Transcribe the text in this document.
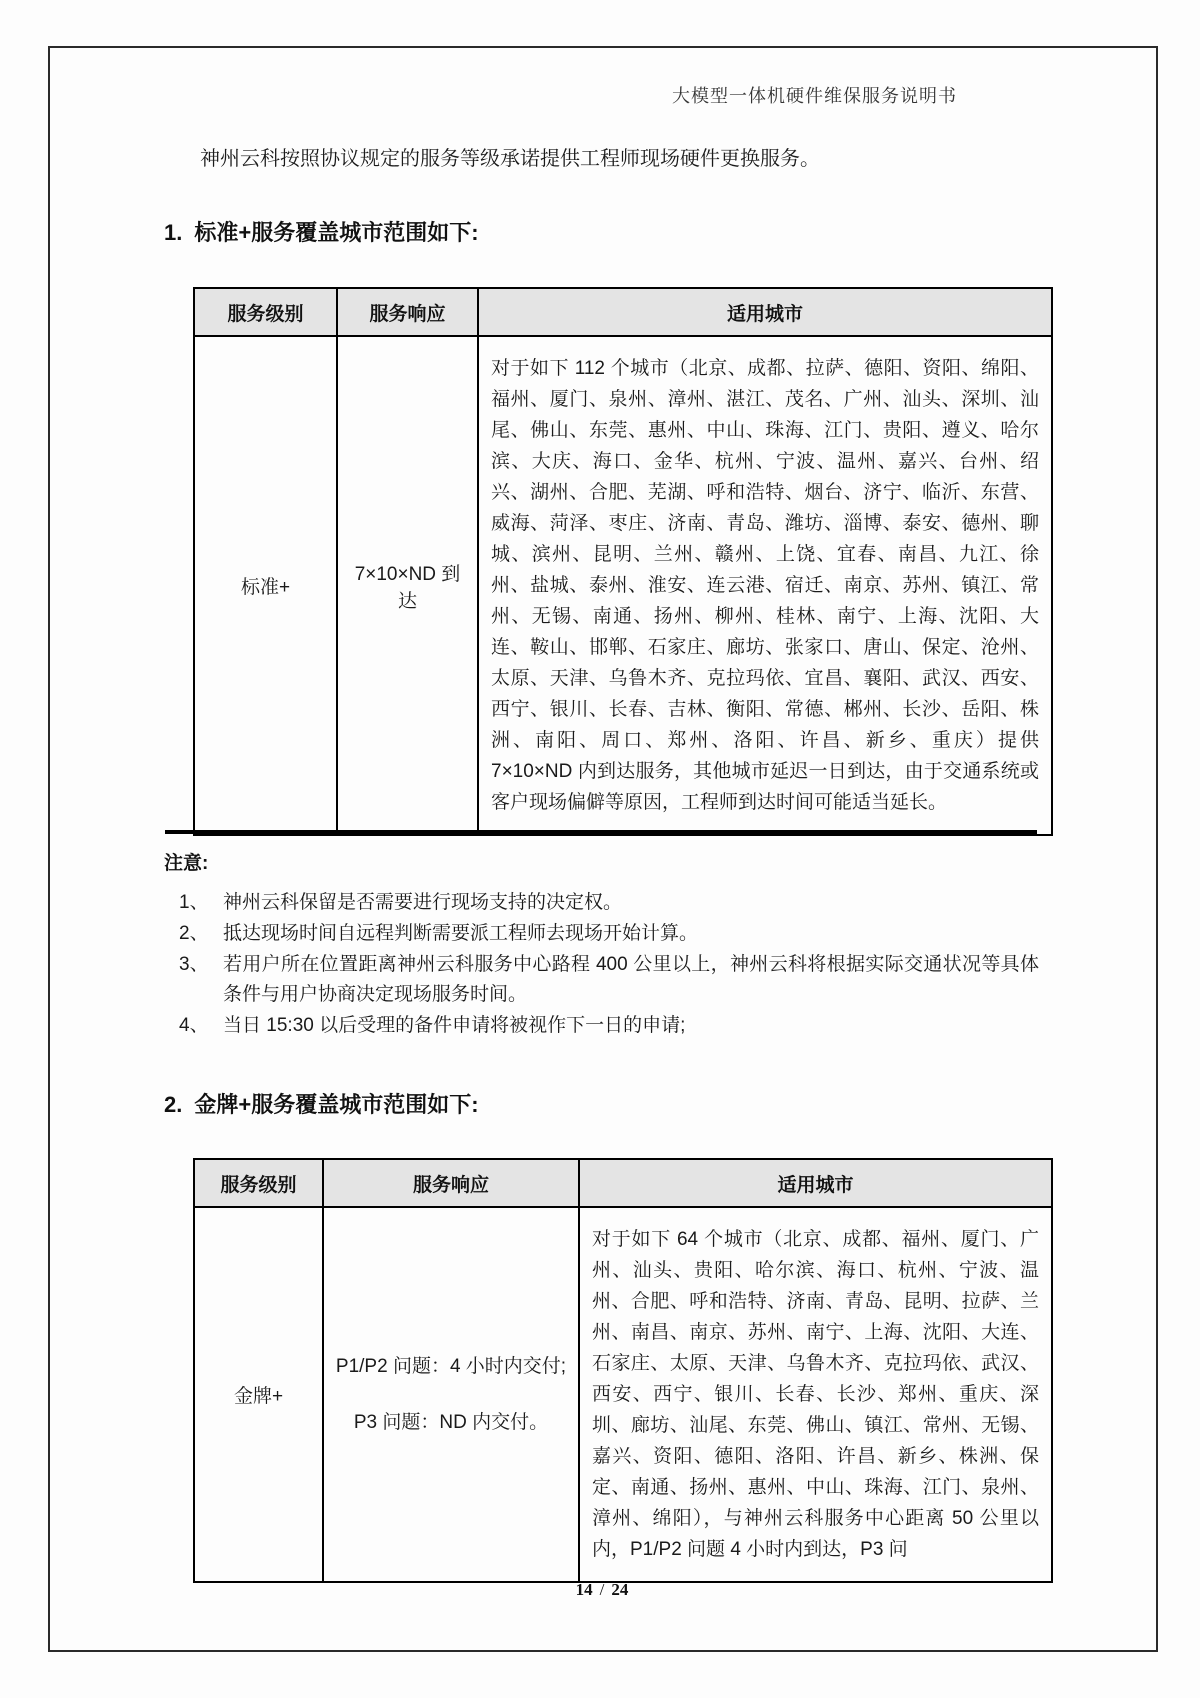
大模型一体机硬件维保服务说明书

神州云科按照协议规定的服务等级承诺提供工程师现场硬件更换服务。

1. 标准+服务覆盖城市范围如下:
服务级别	服务响应	适用城市
标准+	7×10×ND 到达	对于如下 112 个城市（北京、成都、拉萨、德阳、资阳、绵阳、福州、厦门、泉州、漳州、湛江、茂名、广州、汕头、深圳、汕尾、佛山、东莞、惠州、中山、珠海、江门、贵阳、遵义、哈尔滨、大庆、海口、金华、杭州、宁波、温州、嘉兴、台州、绍兴、湖州、合肥、芜湖、呼和浩特、烟台、济宁、临沂、东营、威海、菏泽、枣庄、济南、青岛、潍坊、淄博、泰安、德州、聊城、滨州、昆明、兰州、赣州、上饶、宜春、南昌、九江、徐州、盐城、泰州、淮安、连云港、宿迁、南京、苏州、镇江、常州、无锡、南通、扬州、柳州、桂林、南宁、上海、沈阳、大连、鞍山、邯郸、石家庄、廊坊、张家口、唐山、保定、沧州、太原、天津、乌鲁木齐、克拉玛依、宜昌、襄阳、武汉、西安、西宁、银川、长春、吉林、衡阳、常德、郴州、长沙、岳阳、株洲、南阳、周口、郑州、洛阳、许昌、新乡、重庆）提供 7×10×ND 内到达服务，其他城市延迟一日到达，由于交通系统或客户现场偏僻等原因，工程师到达时间可能适当延长。
注意:
1、 神州云科保留是否需要进行现场支持的决定权。
2、 抵达现场时间自远程判断需要派工程师去现场开始计算。
3、 若用户所在位置距离神州云科服务中心路程 400 公里以上，神州云科将根据实际交通状况等具体条件与用户协商决定现场服务时间。
4、 当日 15:30 以后受理的备件申请将被视作下一日的申请;
2. 金牌+服务覆盖城市范围如下:
服务级别	服务响应	适用城市
金牌+	P1/P2 问题：4 小时内交付;

P3 问题：ND 内交付。	对于如下 64 个城市（北京、成都、福州、厦门、广州、汕头、贵阳、哈尔滨、海口、杭州、宁波、温州、合肥、呼和浩特、济南、青岛、昆明、拉萨、兰州、南昌、南京、苏州、南宁、上海、沈阳、大连、石家庄、太原、天津、乌鲁木齐、克拉玛依、武汉、西安、西宁、银川、长春、长沙、郑州、重庆、深圳、廊坊、汕尾、东莞、佛山、镇江、常州、无锡、嘉兴、资阳、德阳、洛阳、许昌、新乡、株洲、保定、南通、扬州、惠州、中山、珠海、江门、泉州、漳州、绵阳），与神州云科服务中心距离 50 公里以内，P1/P2 问题 4 小时内到达，P3 问
14 / 24
